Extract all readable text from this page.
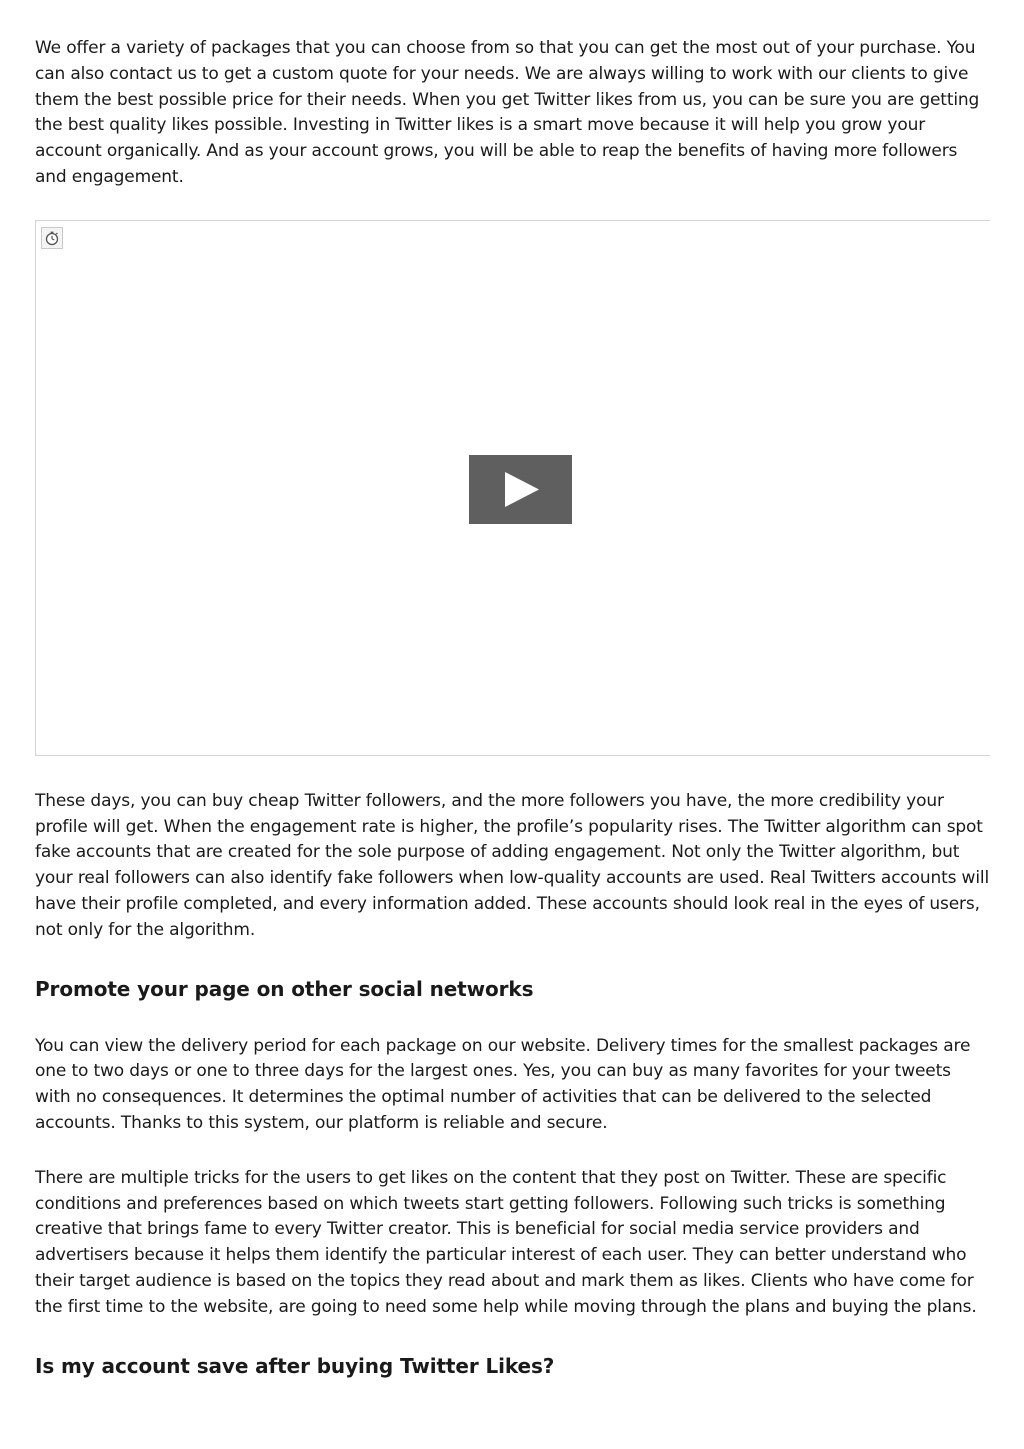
We offer a variety of packages that you can choose from so that you can get the most out of your purchase. You can also contact us to get a custom quote for your needs. We are always willing to work with our clients to give them the best possible price for their needs. When you get Twitter likes from us, you can be sure you are getting the best quality likes possible. Investing in Twitter likes is a smart move because it will help you grow your account organically. And as your account grows, you will be able to reap the benefits of having more followers and engagement.

These days, you can buy cheap Twitter followers, and the more followers you have, the more credibility your profile will get. When the engagement rate is higher, the profile’s popularity rises. The Twitter algorithm can spot fake accounts that are created for the sole purpose of adding engagement. Not only the Twitter algorithm, but your real followers can also identify fake followers when low-quality accounts are used. Real Twitters accounts will have their profile completed, and every information added. These accounts should look real in the eyes of users, not only for the algorithm.

Promote your page on other social networks

You can view the delivery period for each package on our website. Delivery times for the smallest packages are one to two days or one to three days for the largest ones. Yes, you can buy as many favorites for your tweets with no consequences. It determines the optimal number of activities that can be delivered to the selected accounts. Thanks to this system, our platform is reliable and secure.

There are multiple tricks for the users to get likes on the content that they post on Twitter. These are specific conditions and preferences based on which tweets start getting followers. Following such tricks is something creative that brings fame to every Twitter creator. This is beneficial for social media service providers and advertisers because it helps them identify the particular interest of each user. They can better understand who their target audience is based on the topics they read about and mark them as likes. Clients who have come for the first time to the website, are going to need some help while moving through the plans and buying the plans.

Is my account save after buying Twitter Likes?
